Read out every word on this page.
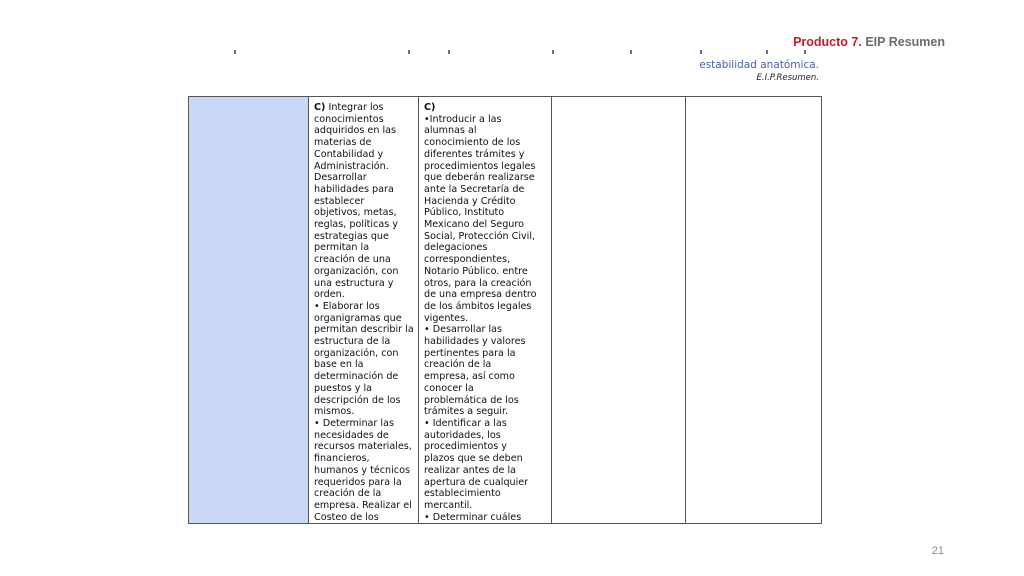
Producto 7. EIP Resumen
estabilidad anatómica.
E.I.P.Resumen.
C) Integrar los
conocimientos
adquiridos en las
materias de
Contabilidad y
Administración.
Desarrollar
habilidades para
establecer
objetivos, metas,
reglas, políticas y
estrategias que
permitan la
creación de una
organización, con
una estructura y
orden.
• Elaborar los
organigramas que
permitan describir la
estructura de la
organización, con
base en la
determinación de
puestos y la
descripción de los
mismos.
• Determinar las
necesidades de
recursos materiales,
financieros,
humanos y técnicos
requeridos para la
creación de la
empresa. Realizar el
Costeo de los
C)
•Introducir a las
alumnas al
conocimiento de los
diferentes trámites y
procedimientos legales
que deberán realizarse
ante la Secretaría de
Hacienda y Crédito
Público, Instituto
Mexicano del Seguro
Social, Protección Civil,
delegaciones
correspondientes,
Notario Público. entre
otros, para la creación
de una empresa dentro
de los ámbitos legales
vigentes.
• Desarrollar las
habilidades y valores
pertinentes para la
creación de la
empresa, así como
conocer la
problemática de los
trámites a seguir.
• Identificar a las
autoridades, los
procedimientos y
plazos que se deben
realizar antes de la
apertura de cualquier
establecimiento
mercantil.
• Determinar cuáles
21
